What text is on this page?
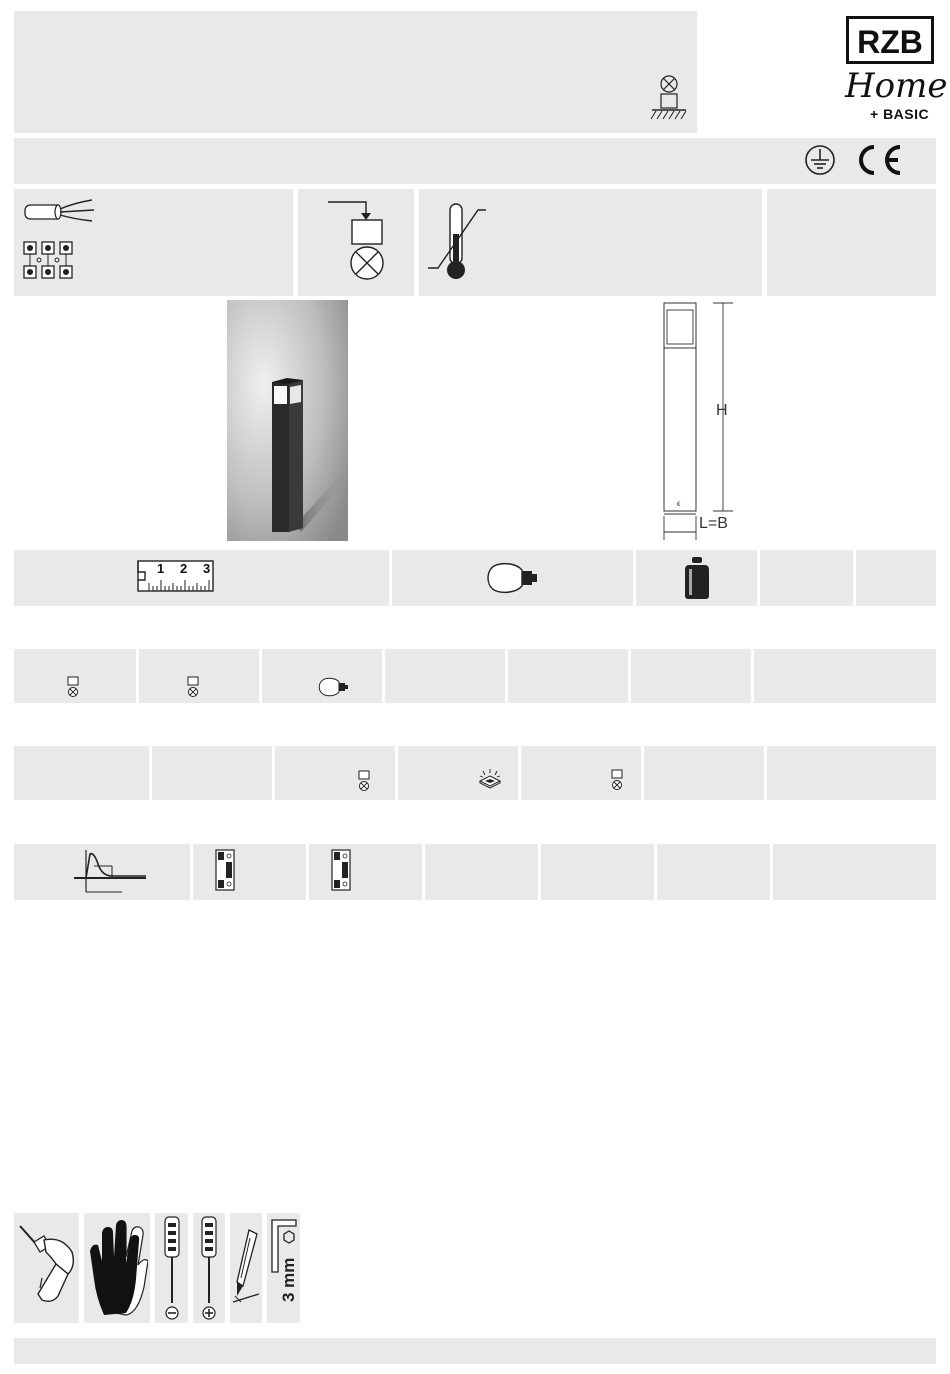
RZB
Home
+ BASIC
€
H
L=B
1 2 3
3 mm
